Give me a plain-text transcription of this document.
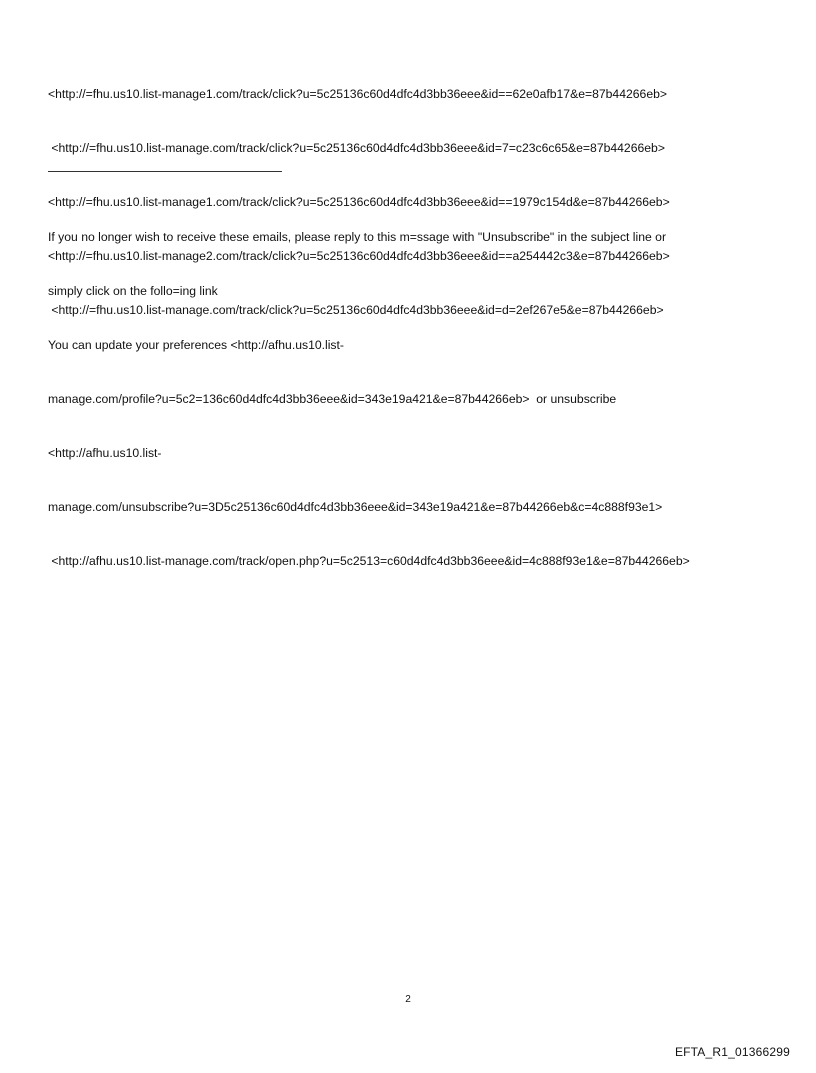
<http://=fhu.us10.list-manage1.com/track/click?u=5c25136c60d4dfc4d3bb36eee&id==62e0afb17&e=87b44266eb>

<http://=fhu.us10.list-manage.com/track/click?u=5c25136c60d4dfc4d3bb36eee&id=7=c23c6c65&e=87b44266eb>

<http://=fhu.us10.list-manage1.com/track/click?u=5c25136c60d4dfc4d3bb36eee&id==1979c154d&e=87b44266eb>

<http://=fhu.us10.list-manage2.com/track/click?u=5c25136c60d4dfc4d3bb36eee&id==a254442c3&e=87b44266eb>

<http://=fhu.us10.list-manage.com/track/click?u=5c25136c60d4dfc4d3bb36eee&id=d=2ef267e5&e=87b44266eb>

If you no longer wish to receive these emails, please reply to this m=ssage with "Unsubscribe" in the subject line or

simply click on the follo=ing link

You can update your preferences <http://afhu.us10.list-

manage.com/profile?u=5c2=136c60d4dfc4d3bb36eee&id=343e19a421&e=87b44266eb>  or unsubscribe

<http://afhu.us10.list-

manage.com/unsubscribe?u=3D5c25136c60d4dfc4d3bb36eee&id=343e19a421&e=87b44266eb&c=4c888f93e1>

<http://afhu.us10.list-manage.com/track/open.php?u=5c2513=c60d4dfc4d3bb36eee&id=4c888f93e1&e=87b44266eb>

2
EFTA_R1_01366299
